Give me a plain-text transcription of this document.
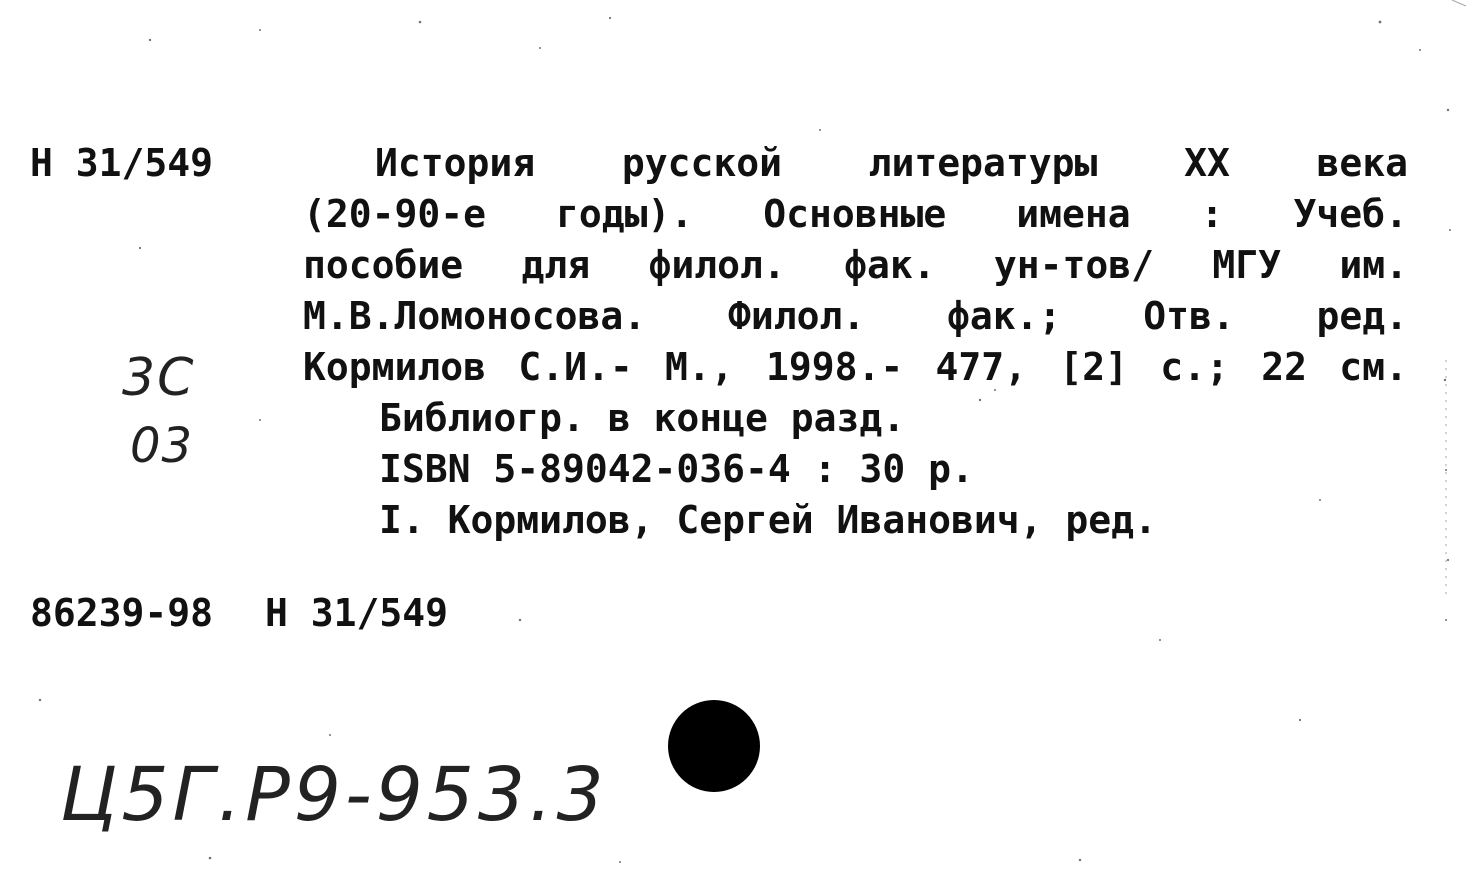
Н 31/549	История русской литературы XX века
(20-90-е годы). Основные имена : Учеб.
пособие для филол. фак. ун-тов/ МГУ им.
М.В.Ломоносова. Филол. фак.; Отв. ред.
Кормилов С.И.- М., 1998.- 477, [2] с.; 22 см.
Библиогр. в конце разд.
ISBN 5-89042-036-4 : 30 р.
I. Кормилов, Сергей Иванович, ред.
86239-98 Н 31/549
3С
03
Ц5Г.Р9-953.3
